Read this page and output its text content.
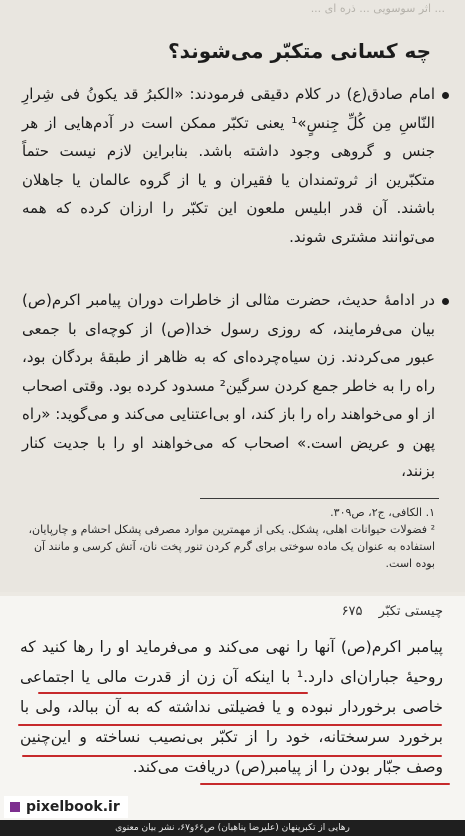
... اثر سوسویی ... ذره ای ...
چه کسانی متکبّر می‌شوند؟

امام صادق(ع) در کلام دقیقی فرمودند: «الکبرُ قد یکونُ فی شِرارِ النّاسِ مِن کُلِّ جِنسٍ»¹ یعنی تکبّر ممکن است در آدم‌هایی از هر جنس و گروهی وجود داشته باشد. بنابراین لازم نیست حتماً متکبّرین از ثروتمندان یا فقیران و یا از گروه عالمان یا جاهلان باشند. آن قدر ابلیس ملعون این تکبّر را ارزان کرده که همه می‌توانند مشتری شوند.

در ادامهٔ حدیث، حضرت مثالی از خاطرات دوران پیامبر اکرم(ص) بیان می‌فرمایند، که روزی رسول خدا(ص) از کوچه‌ای با جمعی عبور می‌کردند. زن سیاه‌چرده‌ای که به ظاهر از طبقهٔ بردگان بود، راه را به خاطر جمع کردن سرگین² مسدود کرده بود. وقتی اصحاب از او می‌خواهند راه را باز کند، او بی‌اعتنایی می‌کند و می‌گوید: «راه پهن و عریض است.» اصحاب که می‌خواهند او را با جدیت کنار بزنند،

۱. الکافی، ج۲، ص۳۰۹.
² فضولات حیوانات اهلی، پشکل. یکی از مهمترین موارد مصرفی پشکل احشام و چارپایان، استفاده به عنوان یک ماده سوختی برای گرم کردن تنور پخت نان، آتش کرسی و مانند آن بوده است.
چیستی تکبّر ۶۷۵

پیامبر اکرم(ص) آنها را نهی می‌کند و می‌فرماید او را رها کنید که روحیهٔ جباران‌ای دارد.¹ با اینکه آن زن از قدرت مالی یا اجتماعی خاصی برخوردار نبوده و یا فضیلتی نداشته که به آن ببالد، ولی با برخورد سرسختانه، خود را از تکبّر بی‌نصیب نساخته و این‌چنین وصف جبّار بودن را از پیامبر(ص) دریافت می‌کند.

pixelbook.ir
رهایی از تکبرپنهان (علیرضا پناهیان) ص۶۶و۶۷، نشر بیان معنوی
